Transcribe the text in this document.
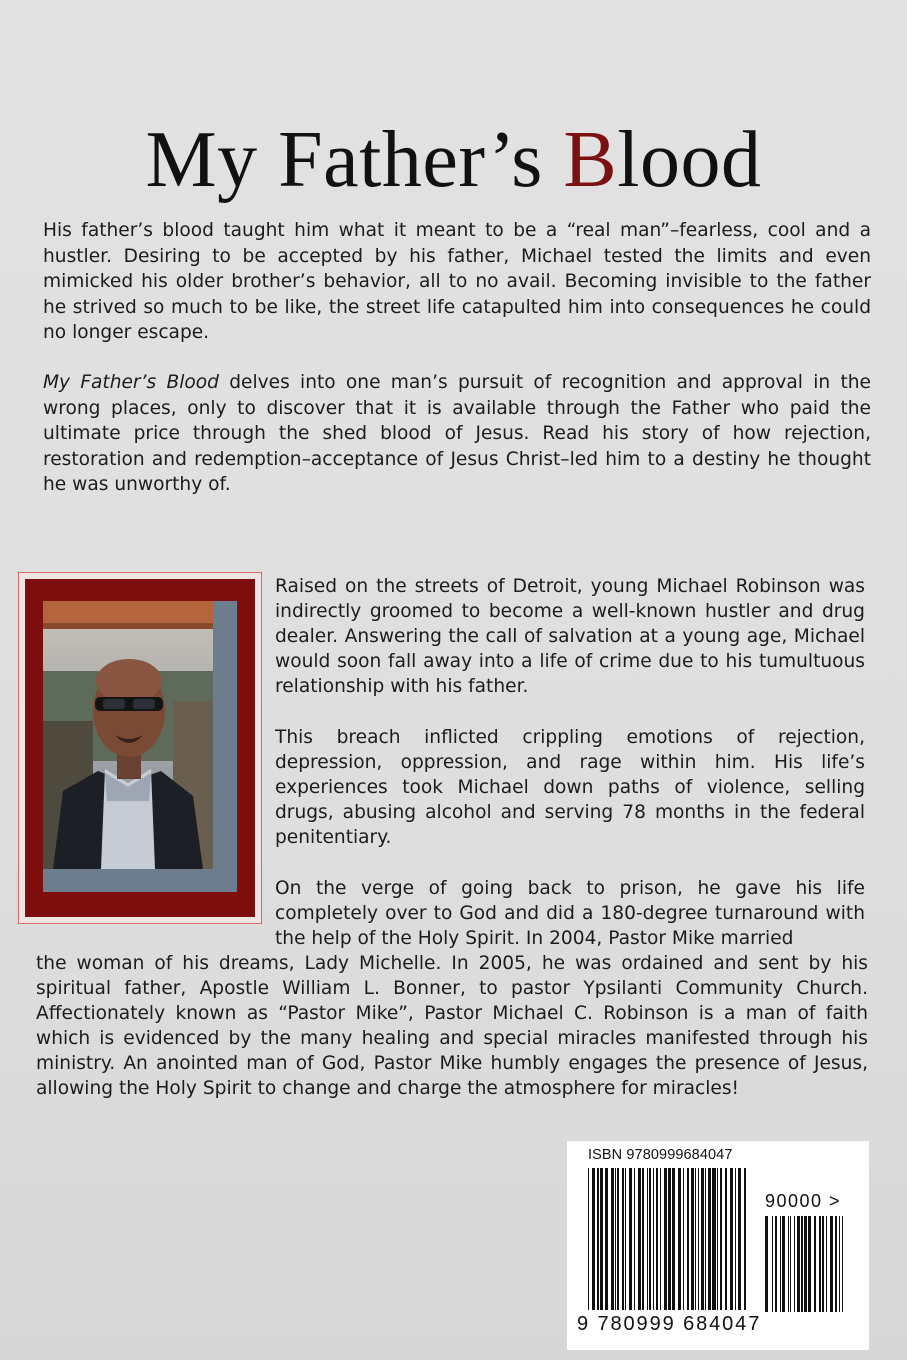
My Father’s Blood

His father’s blood taught him what it meant to be a “real man”–fearless, cool and a hustler. Desiring to be accepted by his father, Michael tested the limits and even mimicked his older brother’s behavior, all to no avail. Becoming invisible to the father he strived so much to be like, the street life catapulted him into consequences he could no longer escape.

My Father’s Blood delves into one man’s pursuit of recognition and approval in the wrong places, only to discover that it is available through the Father who paid the ultimate price through the shed blood of Jesus. Read his story of how rejection, restoration and redemption–acceptance of Jesus Christ–led him to a destiny he thought he was unworthy of.

Raised on the streets of Detroit, young Michael Robinson was indirectly groomed to become a well-known hustler and drug dealer. Answering the call of salvation at a young age, Michael would soon fall away into a life of crime due to his tumultuous relationship with his father.

This breach inflicted crippling emotions of rejection, depression, oppression, and rage within him. His life’s experiences took Michael down paths of violence, selling drugs, abusing alcohol and serving 78 months in the federal penitentiary.

On the verge of going back to prison, he gave his life completely over to God and did a 180-degree turnaround with the help of the Holy Spirit. In 2004, Pastor Mike married

the woman of his dreams, Lady Michelle. In 2005, he was ordained and sent by his spiritual father, Apostle William L. Bonner, to pastor Ypsilanti Community Church. Affectionately known as “Pastor Mike”, Pastor Michael C. Robinson is a man of faith which is evidenced by the many healing and special miracles manifested through his ministry. An anointed man of God, Pastor Mike humbly engages the presence of Jesus, allowing the Holy Spirit to change and charge the atmosphere for miracles!
ISBN 9780999684047
90000 >
9 780999 684047
